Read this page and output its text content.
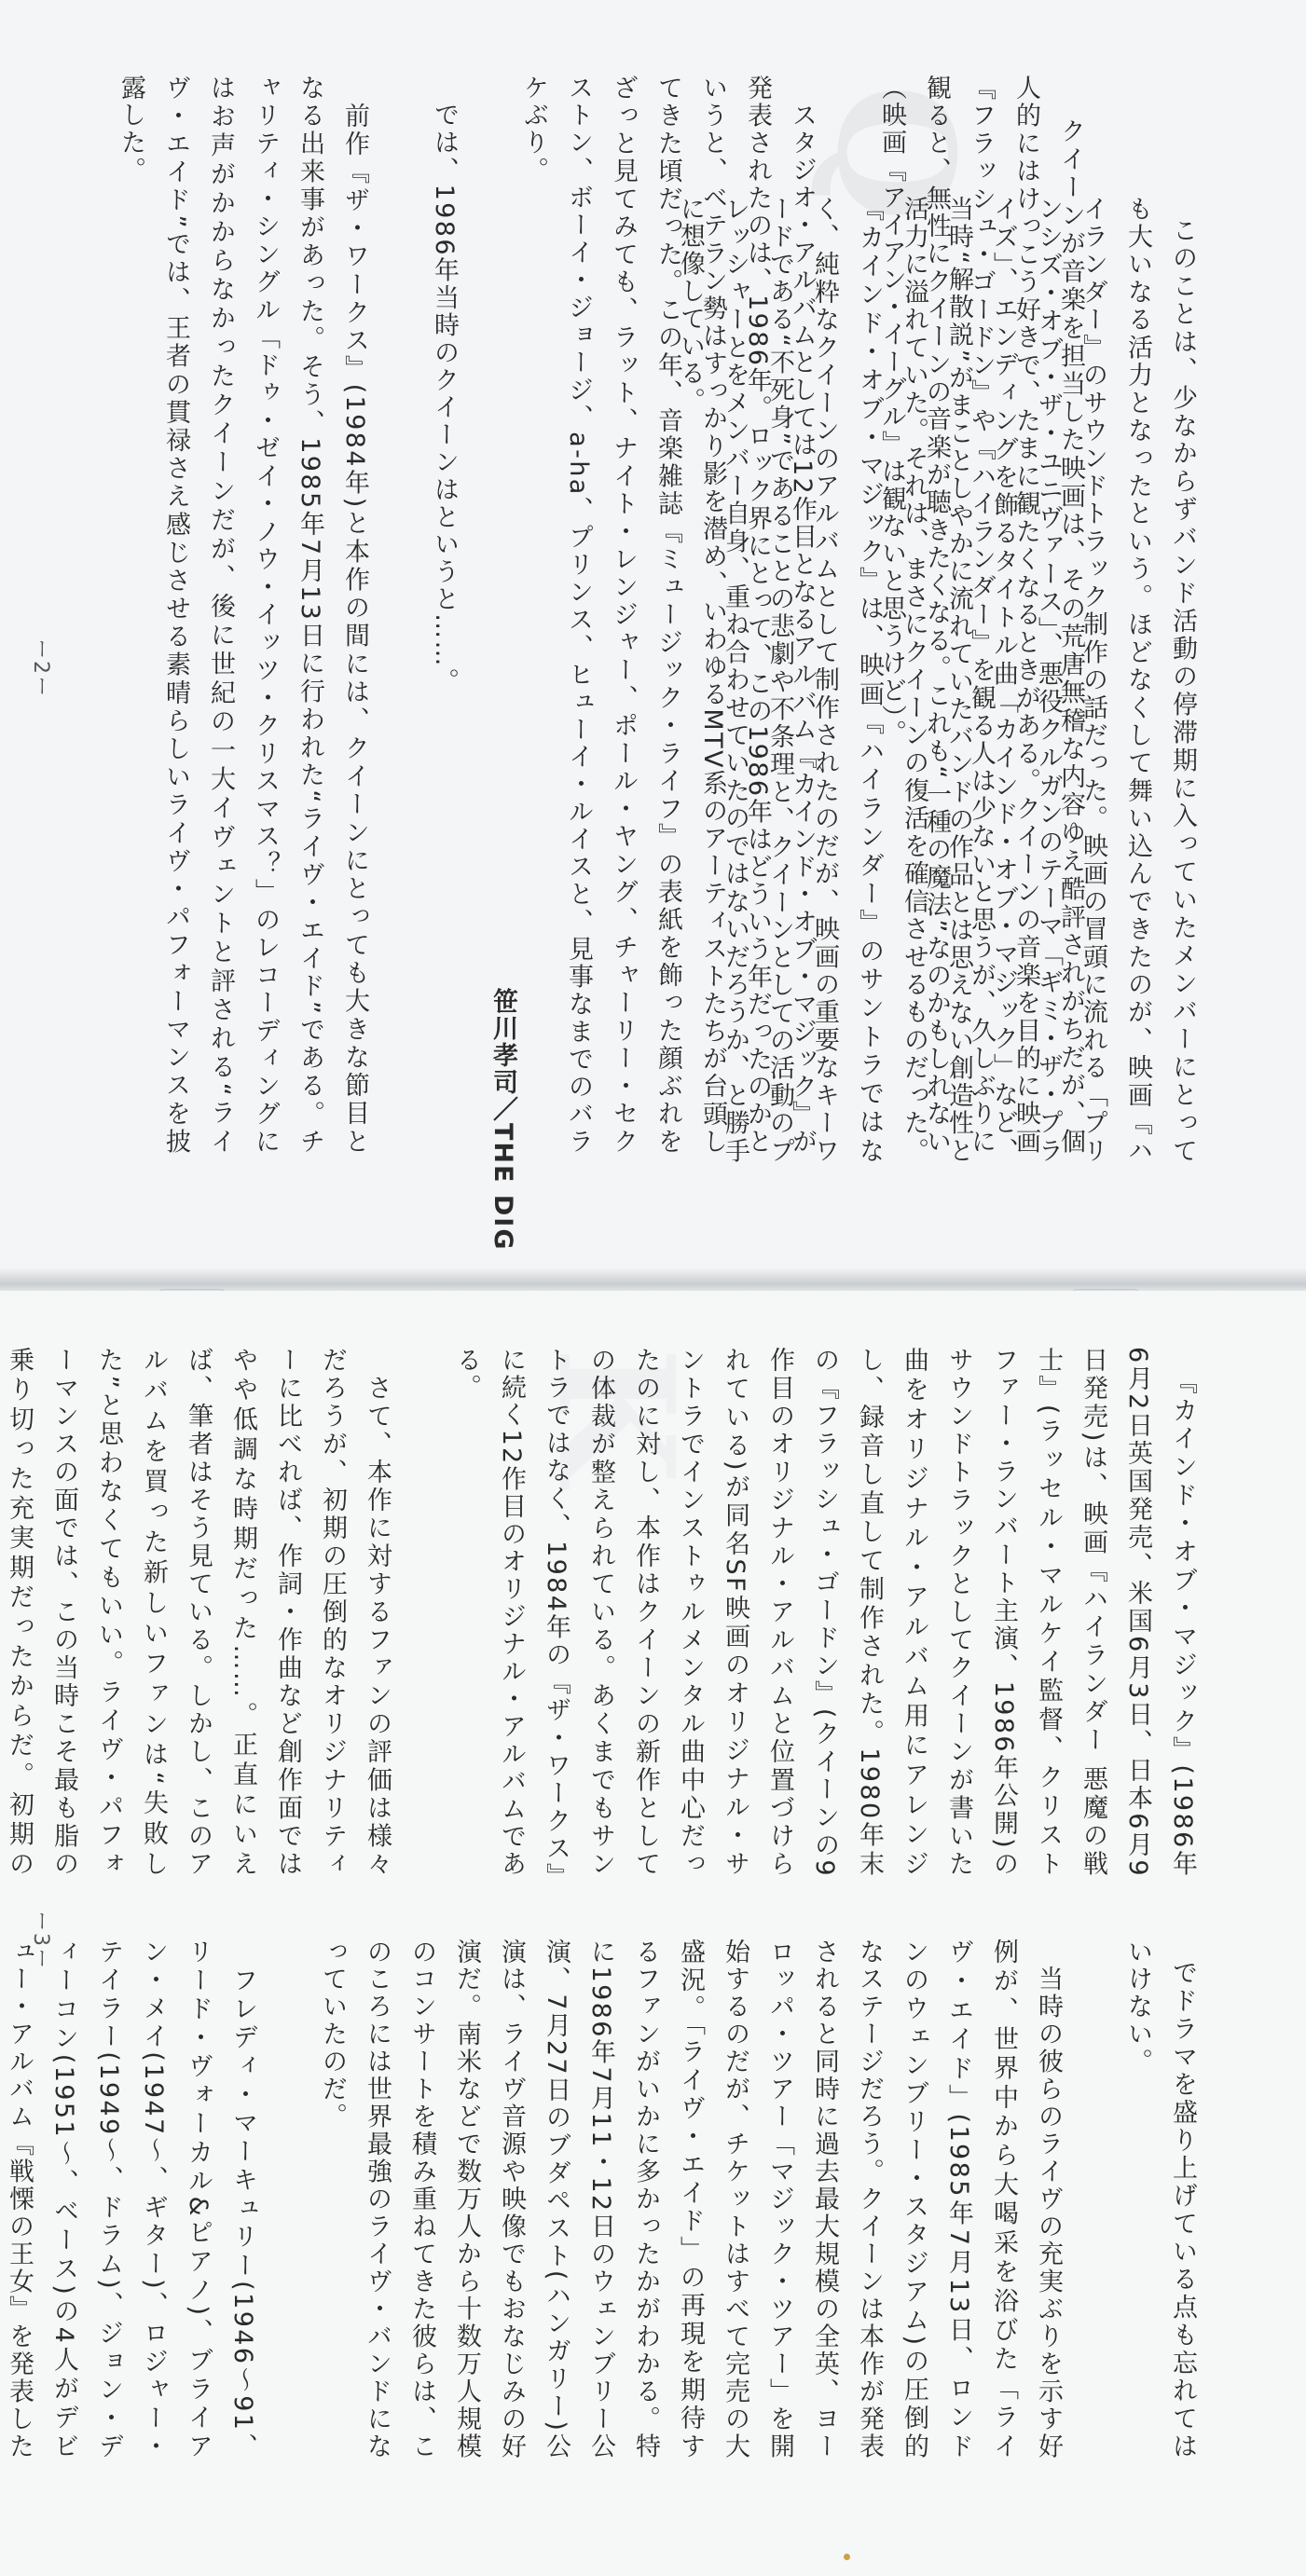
Q	クイーンが音楽を担当した映画は、その荒唐無稽な内容ゆえ酷評されがちだが、個人的にはけっこう好きで、たまに観たくなるときがある。クイーンの音楽を目的に映画『フラッシュ・ゴードン』や『ハイランダー』を観る人は少ないと思うが、久しぶりに観ると、無性にクイーンの音楽が聴きたくなる。これも“一種の魔法”なのかもしれない（映画『アイアン・イーグル』は観ないと思うけど）。

　スタジオ・アルバムとしては12作目となるアルバム『カインド・オブ・マジック』が発表されたのは、1986年。ロック界にとって、この1986年はどういう年だったのかというと、ベテラン勢はすっかり影を潜め、いわゆるMTV系のアーティストたちが台頭してきた頃だった。この年、音楽雑誌『ミュージック・ライフ』の表紙を飾った顔ぶれをざっと見てみても、ラット、ナイト・レンジャー、ポール・ヤング、チャーリー・セクストン、ボーイ・ジョージ、a-ha、プリンス、ヒューイ・ルイスと、見事なまでのバラケぶり。

　では、1986年当時のクイーンはというと……。

　前作『ザ・ワークス』(1984年)と本作の間には、クイーンにとっても大きな節目となる出来事があった。そう、1985年7月13日に行われた“ライヴ・エイド”である。チャリティ・シングル「ドゥ・ゼイ・ノウ・イッツ・クリスマス？」のレコーディングにはお声がかからなかったクイーンだが、後に世紀の一大イヴェントと評される“ライヴ・エイド”では、王者の貫禄さえ感じさせる素晴らしいライヴ・パフォーマンスを披露した。

このことは、少なからずバンド活動の停滞期に入っていたメンバーにとっても大いなる活力となったという。ほどなくして舞い込んできたのが、映画『ハイランダー』のサウンドトラック制作の話だった。映画の冒頭に流れる「プリンシズ・オブ・ザ・ユニヴァース」、悪役クルガンのテーマ「ギミ・ザ・プライズ」、エンディングを飾るタイトル曲「カインド・オブ・マジック」など、当時“解散説”がまことしやかに流れていたバンドの作品とは思えない創造性と活力に溢れていた。それは、まさにクイーンの復活を確信させるものだった。『カインド・オブ・マジック』は、映画『ハイランダー』のサントラではなく、純粋なクイーンのアルバムとして制作されたのだが、映画の重要なキーワードである“不死身”であることの悲劇や不条理と、クイーンとしての活動のプレッシャーとをメンバー自身、重ね合わせていたのではないだろうか、と勝手に想像している。

笹川孝司／THE DIG
ー2ー
K	『カインド・オブ・マジック』(1986年6月2日英国発売、米国6月3日、日本6月9日発売)は、映画『ハイランダー 悪魔の戦士』(ラッセル・マルケイ監督、クリストファー・ランバート主演、1986年公開)のサウンドトラックとしてクイーンが書いた曲をオリジナル・アルバム用にアレンジし、録音し直して制作された。1980年末の『フラッシュ・ゴードン』(クイーンの9作目のオリジナル・アルバムと位置づけられている)が同名SF映画のオリジナル・サントラでインストゥルメンタル曲中心だったのに対し、本作はクイーンの新作としての体裁が整えられている。あくまでもサントラではなく、1984年の『ザ・ワークス』に続く12作目のオリジナル・アルバムである。

　さて、本作に対するファンの評価は様々だろうが、初期の圧倒的なオリジナリティーに比べれば、作詞・作曲など創作面ではやや低調な時期だった……。正直にいえば、筆者はそう見ている。しかし、このアルバムを買った新しいファンは“失敗した”と思わなくてもいい。ライヴ・パフォーマンスの面では、この当時こそ最も脂の乗り切った充実期だったからだ。初期の

でドラマを盛り上げている点も忘れてはいけない。

　当時の彼らのライヴの充実ぶりを示す好例が、世界中から大喝采を浴びた「ライヴ・エイド」(1985年7月13日、ロンドンのウェンブリー・スタジアム)の圧倒的なステージだろう。クイーンは本作が発表されると同時に過去最大規模の全英、ヨーロッパ・ツアー「マジック・ツアー」を開始するのだが、チケットはすべて完売の大盛況。「ライヴ・エイド」の再現を期待するファンがいかに多かったかがわかる。特に1986年7月11・12日のウェンブリー公演、7月27日のブダペスト(ハンガリー)公演は、ライヴ音源や映像でもおなじみの好演だ。南米などで数万人から十数万人規模のコンサートを積み重ねてきた彼らは、このころには世界最強のライヴ・バンドになっていたのだ。

　フレディ・マーキュリー(1946〜91、リード・ヴォーカル&ピアノ)、ブライアン・メイ(1947〜、ギター)、ロジャー・テイラー(1949〜、ドラム)、ジョン・ディーコン(1951〜、ベース)の4人がデビュー・アルバム『戦慄の王女』を発表した

ー3ー
